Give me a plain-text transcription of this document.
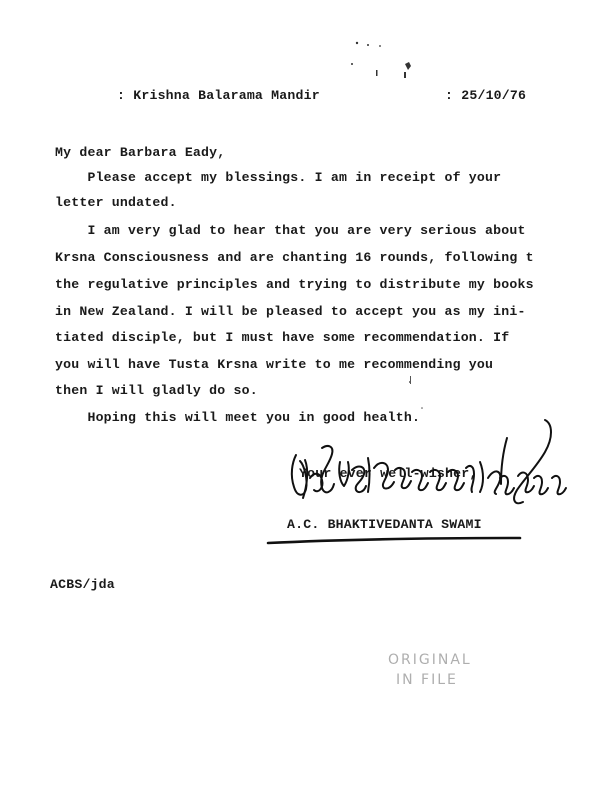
: Krishna Balarama Mandir	: 25/10/76
My dear Barbara Eady,
Please accept my blessings. I am in receipt of your
letter undated.
I am very glad to hear that you are very serious about
Krsna Consciousness and are chanting 16 rounds, following t
the regulative principles and trying to distribute my books
in New Zealand. I will be pleased to accept you as my ini-
tiated disciple, but I must have some recommendation. If
you will have Tusta Krsna write to me recommending you
then I will gladly do so.
Hoping this will meet you in good health.
Your ever well-wisher,
A.C. BHAKTIVEDANTA SWAMI
ACBS/jda
ORIGINAL
IN FILE
